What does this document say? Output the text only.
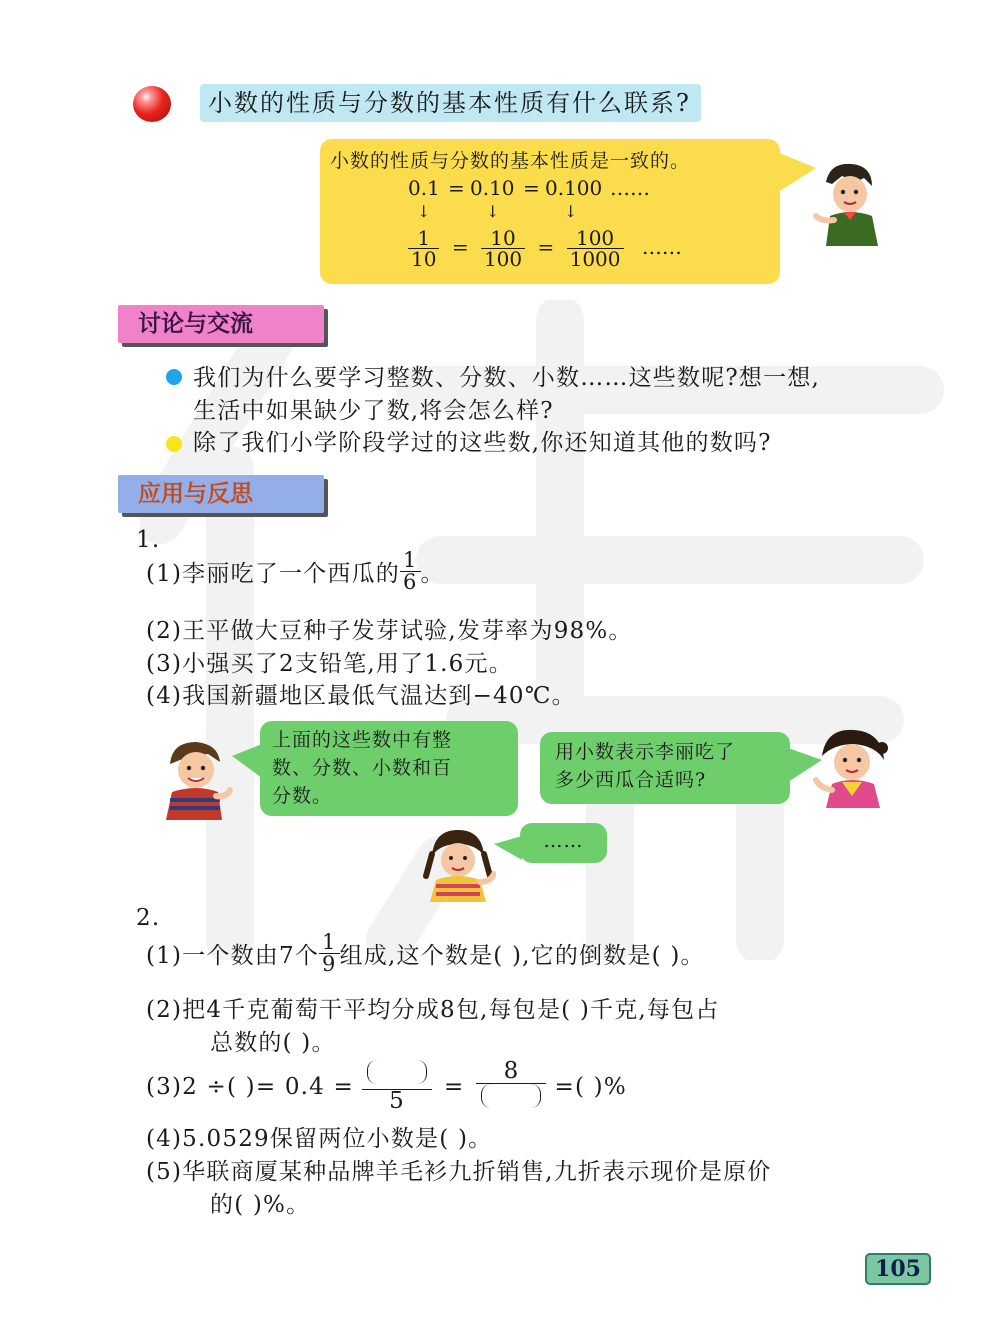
小数的性质与分数的基本性质有什么联系?
小数的性质与分数的基本性质是一致的。
0.1 = 0.10 = 0.100 ……
↓	↓	↓
$\frac{1}{10} = \frac{10}{100} = \frac{100}{1000}$ ……
讨论与交流
我们为什么要学习整数、分数、小数……这些数呢?想一想,
生活中如果缺少了数,将会怎么样?
除了我们小学阶段学过的这些数,你还知道其他的数吗?
应用与反思
1.
(1)李丽吃了一个西瓜的 $\frac{1}{6}$ 。
(2)王平做大豆种子发芽试验,发芽率为98%。
(3)小强买了2支铅笔,用了1.6元。
(4)我国新疆地区最低气温达到−40℃。
上面的这些数中有整
数、分数、小数和百
分数。
用小数表示李丽吃了
多少西瓜合适吗?
……
2.
(1)一个数由7个 $\frac{1}{9}$ 组成,这个数是( ),它的倒数是( )。
(2)把4千克葡萄干平均分成8包,每包是( )千克,每包占
总数的( )。
(3)2 ÷( )= 0.4 =
5
=
8
=( )%
(4)5.0529保留两位小数是( )。
(5)华联商厦某种品牌羊毛衫九折销售,九折表示现价是原价
的( )%。
105
